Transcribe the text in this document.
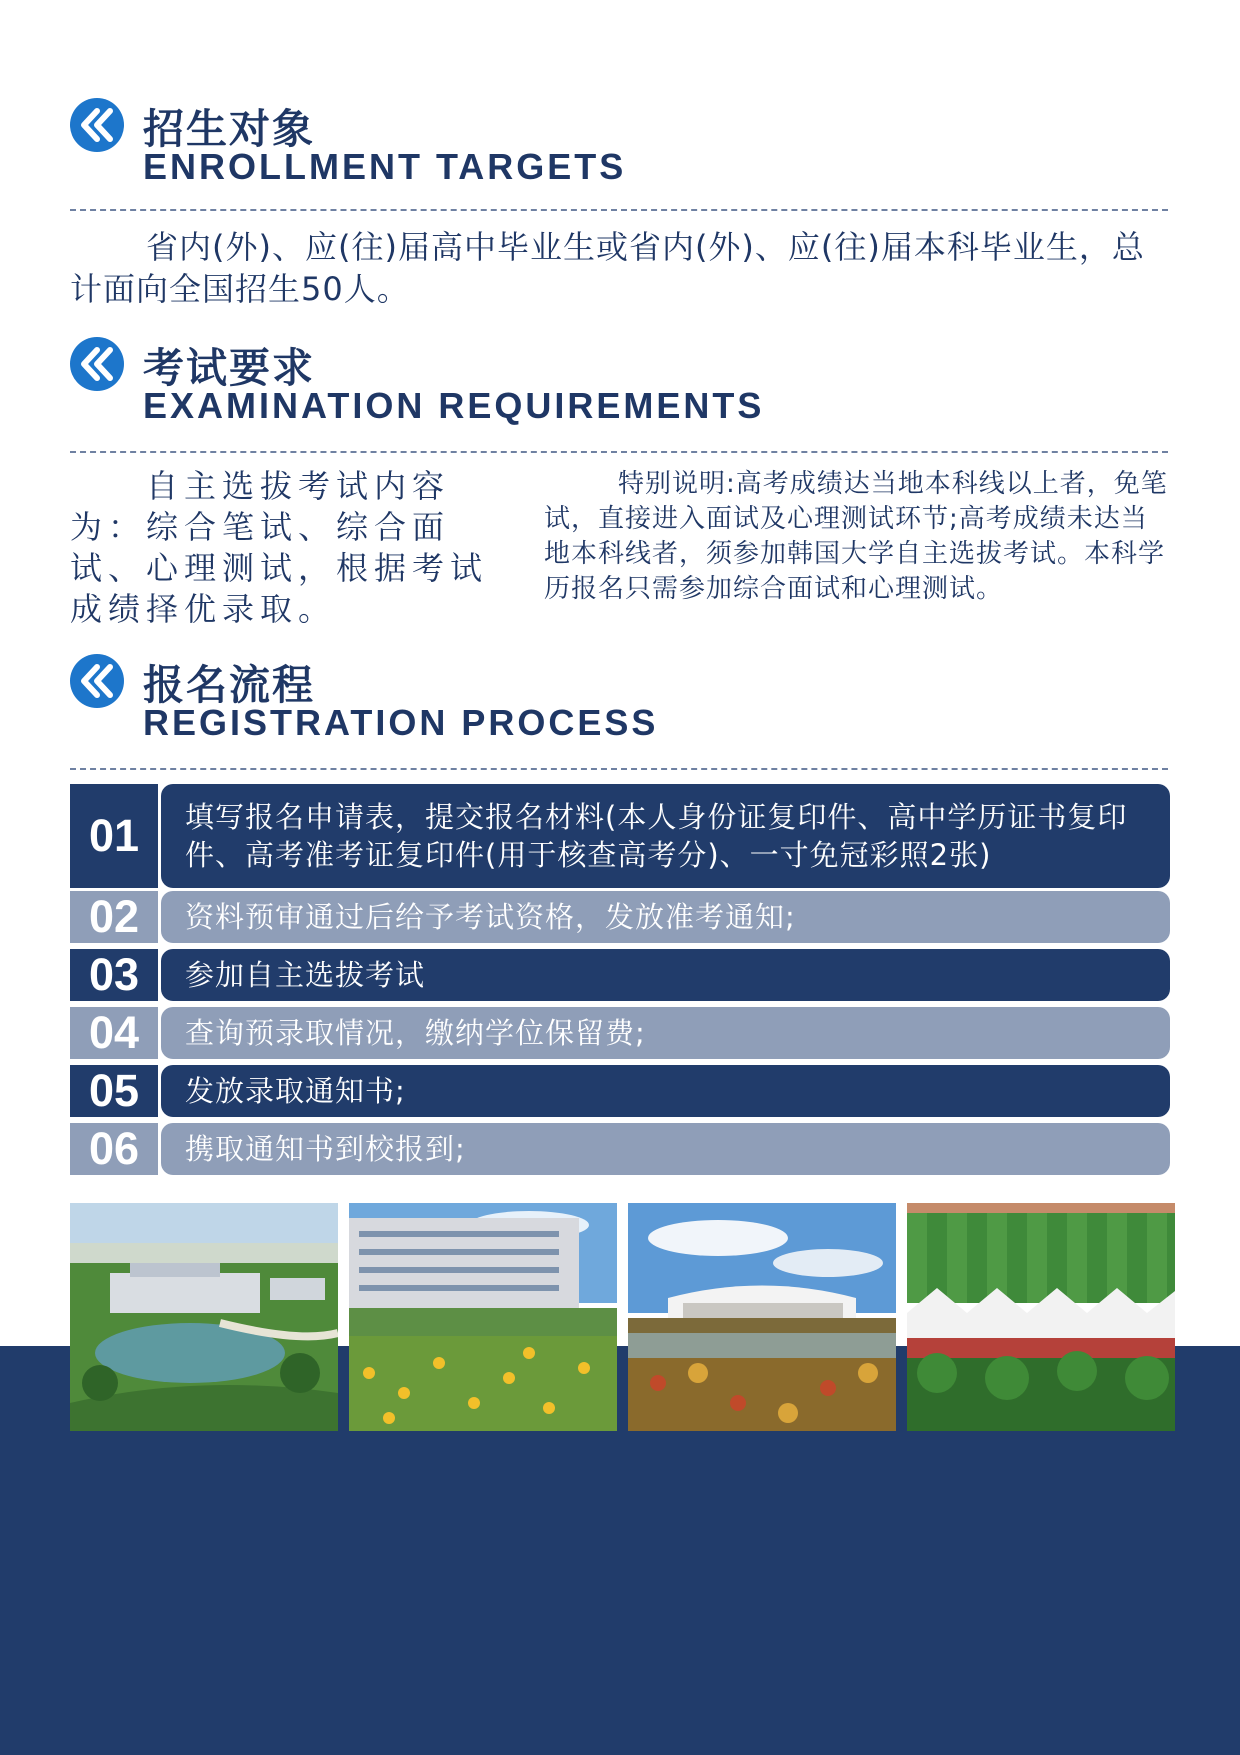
招生对象
ENROLLMENT TARGETS

省内(外)、应(往)届高中毕业生或省内(外)、应(往)届本科毕业生，总计面向全国招生50人。

考试要求
EXAMINATION REQUIREMENTS

自主选拔考试内容为：综合笔试、综合面试、心理测试，根据考试成绩择优录取。

特别说明:高考成绩达当地本科线以上者，免笔试，直接进入面试及心理测试环节;高考成绩未达当地本科线者，须参加韩国大学自主选拔考试。本科学历报名只需参加综合面试和心理测试。

报名流程
REGISTRATION PROCESS
01	填写报名申请表，提交报名材料(本人身份证复印件、高中学历证书复印件、高考准考证复印件(用于核查高考分)、一寸免冠彩照2张)
02	资料预审通过后给予考试资格，发放准考通知;
03	参加自主选拔考试
04	查询预录取情况，缴纳学位保留费;
05	发放录取通知书;
06	携取通知书到校报到;
